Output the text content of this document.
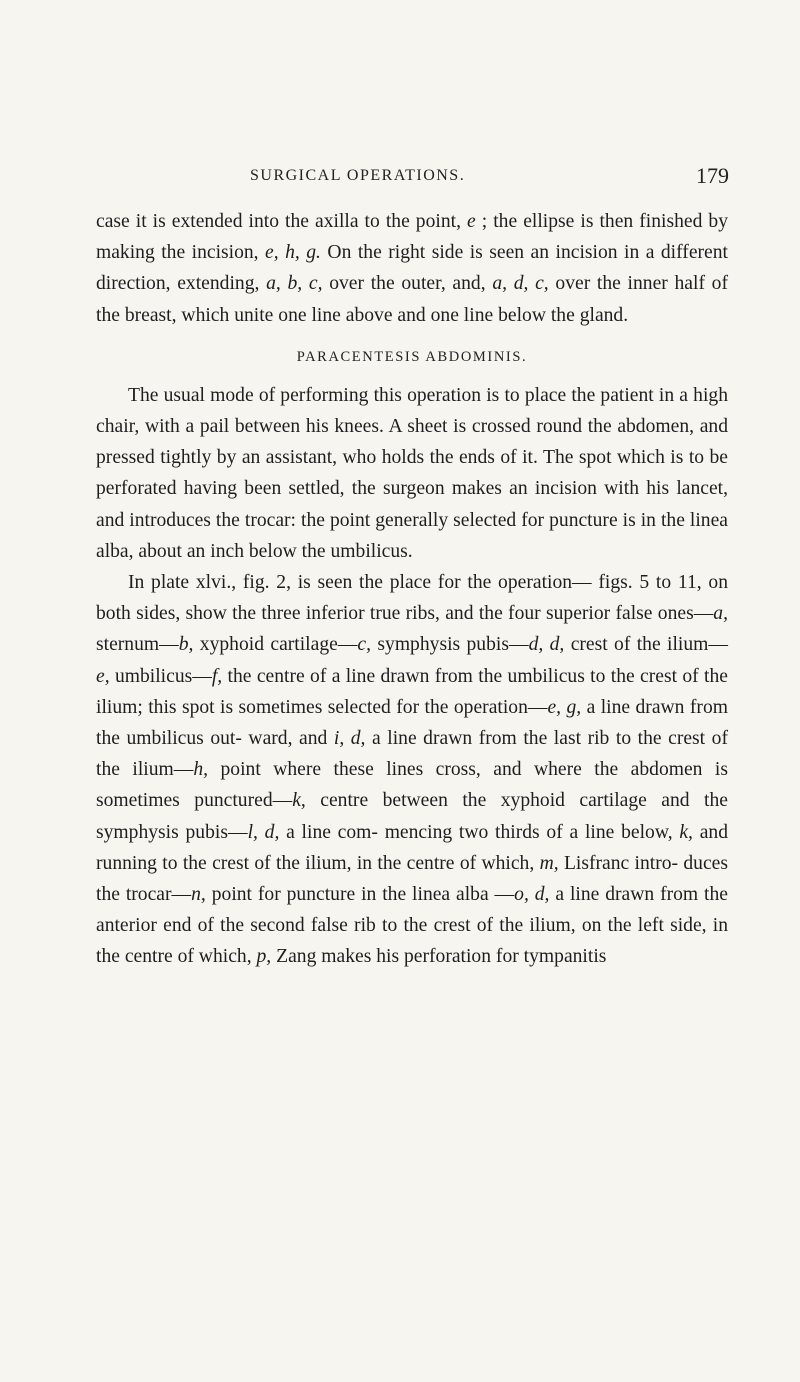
SURGICAL OPERATIONS.	179

case it is extended into the axilla to the point, e ; the ellipse is then finished by making the incision, e, h, g. On the right side is seen an incision in a different direction, extending, a, b, c, over the outer, and, a, d, c, over the inner half of the breast, which unite one line above and one line below the gland.

PARACENTESIS ABDOMINIS.

The usual mode of performing this operation is to place the patient in a high chair, with a pail between his knees. A sheet is crossed round the abdomen, and pressed tightly by an assistant, who holds the ends of it. The spot which is to be perforated having been settled, the surgeon makes an incision with his lancet, and introduces the trocar: the point generally selected for puncture is in the linea alba, about an inch below the umbilicus.

In plate xlvi., fig. 2, is seen the place for the operation— figs. 5 to 11, on both sides, show the three inferior true ribs, and the four superior false ones—a, sternum—b, xyphoid cartilage—c, symphysis pubis—d, d, crest of the ilium—e, umbilicus—f, the centre of a line drawn from the umbilicus to the crest of the ilium; this spot is sometimes selected for the operation—e, g, a line drawn from the umbilicus out- ward, and i, d, a line drawn from the last rib to the crest of the ilium—h, point where these lines cross, and where the abdomen is sometimes punctured—k, centre between the xyphoid cartilage and the symphysis pubis—l, d, a line com- mencing two thirds of a line below, k, and running to the crest of the ilium, in the centre of which, m, Lisfranc intro- duces the trocar—n, point for puncture in the linea alba —o, d, a line drawn from the anterior end of the second false rib to the crest of the ilium, on the left side, in the centre of which, p, Zang makes his perforation for tympanitis
